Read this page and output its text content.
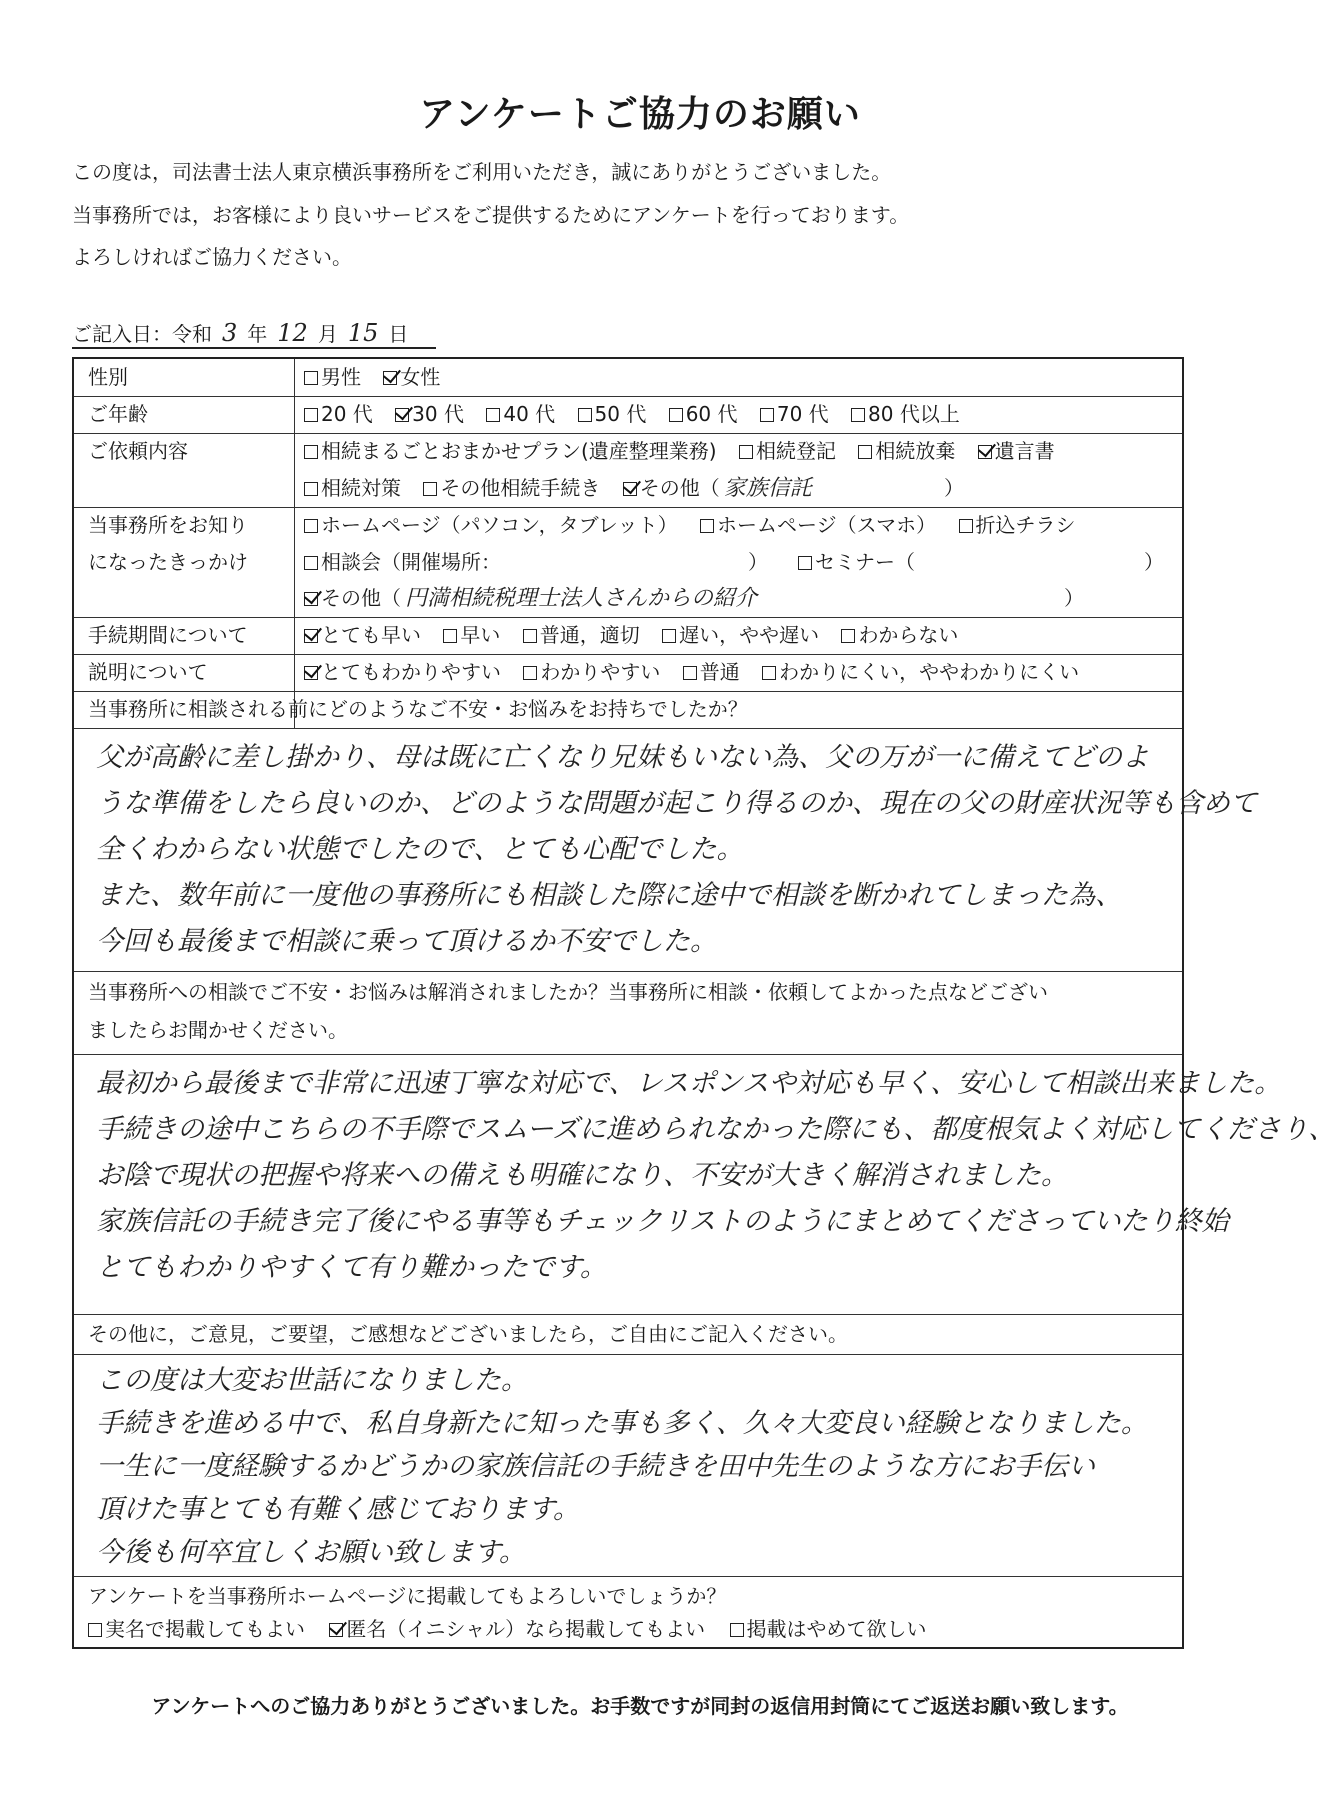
アンケートご協力のお願い
この度は，司法書士法人東京横浜事務所をご利用いただき，誠にありがとうございました。
当事務所では，お客様により良いサービスをご提供するためにアンケートを行っております。
よろしければご協力ください。
ご記入日：令和 3 年 12 月 15 日
性別	男性 女性
ご年齢	20 代 30 代 40 代 50 代 60 代 70 代 80 代以上
ご依頼内容	相続まるごとおまかせプラン(遺産整理業務) 相続登記 相続放棄 遺言書
相続対策 その他相続手続き その他（ 家族信託	）
当事務所をお知り
になったきっかけ
ホームページ（パソコン，タブレット） ホームページ（スマホ） 折込チラシ
相談会（開催場所：	）	セミナー（	）
その他（ 円満相続税理士法人さんからの紹介	）
手続期間について	とても早い 早い 普通，適切 遅い，やや遅い わからない
説明について	とてもわかりやすい わかりやすい 普通 わかりにくい，ややわかりにくい
当事務所に相談される前にどのようなご不安・お悩みをお持ちでしたか？
父が高齢に差し掛かり、母は既に亡くなり兄妹もいない為、父の万が一に備えてどのよ
うな準備をしたら良いのか、どのような問題が起こり得るのか、現在の父の財産状況等も含めて
全くわからない状態でしたので、とても心配でした。
また、数年前に一度他の事務所にも相談した際に途中で相談を断かれてしまった為、
今回も最後まで相談に乗って頂けるか不安でした。
当事務所への相談でご不安・お悩みは解消されましたか？当事務所に相談・依頼してよかった点などござい
ましたらお聞かせください。
最初から最後まで非常に迅速丁寧な対応で、レスポンスや対応も早く、安心して相談出来ました。
手続きの途中こちらの不手際でスムーズに進められなかった際にも、都度根気よく対応してくださり、
お陰で現状の把握や将来への備えも明確になり、不安が大きく解消されました。
家族信託の手続き完了後にやる事等もチェックリストのようにまとめてくださっていたり終始
とてもわかりやすくて有り難かったです。
その他に，ご意見，ご要望，ご感想などございましたら，ご自由にご記入ください。
この度は大変お世話になりました。
手続きを進める中で、私自身新たに知った事も多く、久々大変良い経験となりました。
一生に一度経験するかどうかの家族信託の手続きを田中先生のような方にお手伝い
頂けた事とても有難く感じております。
今後も何卒宜しくお願い致します。
アンケートを当事務所ホームページに掲載してもよろしいでしょうか？
実名で掲載してもよい 匿名（イニシャル）なら掲載してもよい 掲載はやめて欲しい
アンケートへのご協力ありがとうございました。お手数ですが同封の返信用封筒にてご返送お願い致します。
